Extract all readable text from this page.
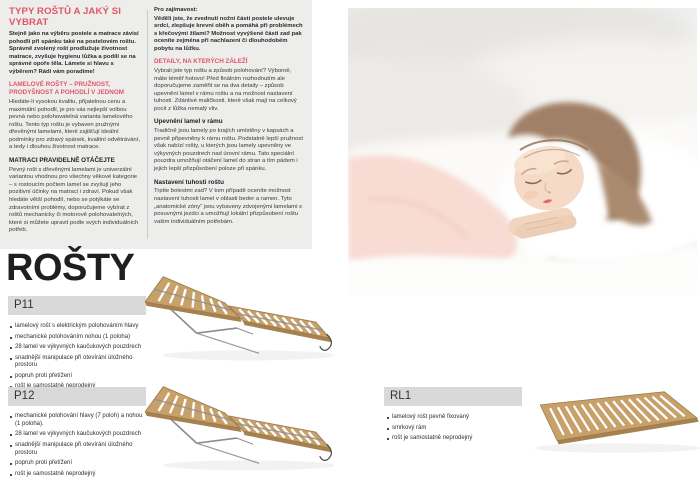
TYPY ROŠTŮ A JAKÝ SI VYBRAT

Stejně jako na výběru postele a matrace závisí pohodlí při spánku také na postelovém roštu. Správně zvolený rošt prodlužuje životnost matrace, zvyšuje hygienu lůžka a podílí se na správné opoře těla. Lámete si hlavu s výběrem? Rádi vám poradíme!

LAMELOVÉ ROŠTY – PRUŽNOST, PRODYŠNOST A POHODLÍ V JEDNOM

Hledáte-li vysokou kvalitu, přijatelnou cenu a maximální pohodlí, je pro vás nejlepší volbou pevná nebo polohovatelná varianta lamelového roštu. Tento typ roštu je vybaven pružnými dřevěnými lamelami, které zajišťují ideální podmínky pro zdravý spánek, kvalitní odvětrávání, a tedy i dlouhou životnost matrace.

MATRACI PRAVIDELNĚ OTÁČEJTE

Pevný rošt s dřevěnými lamelami je univerzální variantou vhodnou pro všechny věkové kategorie – s rostoucím počtem lamel se zvyšují jeho pozitivní účinky na matraci i zdraví. Pokud však hledáte větší pohodlí, nebo se potýkáte se zdravotními problémy, doporučujeme vybírat z roštů mechanicky či motorově polohovatelných, které si můžete upravit podle svých individuálních potřeb.

Pro zajímavost:

Věděli jste, že zvednutí nožní části postele ulevuje srdci, zlepšuje krevní oběh a pomáhá při problémech s křečovými žílami? Možnost vyvýšené části zad pak oceníte zejména při nachlazení či dlouhodobém pobytu na lůžku.

DETAILY, NA KTERÝCH ZÁLEŽÍ

Vybrali jste typ roštu a způsob polohování? Výborně, máte téměř hotovo! Před finálním rozhodnutím ale doporučujeme zaměřit se na dva detaily – způsob upevnění lamel v rámu roštu a na možnost nastavení tuhosti. Zdánlivé maličkosti, které však mají na celkový pocit z lůžka nemalý vliv.

Upevnění lamel v rámu

Tradičně jsou lamely po krajích umístěny v kapsách a pevně připevněny k rámu roštu. Podstatně lepší pružnost však nabízí rošty, u kterých jsou lamely upevněny ve výkyvných pouzdrech nad úrovní rámu. Tato speciální pouzdra umožňují otáčení lamel do stran a tím pádem i jejich lepší přizpůsobení poloze při spánku.

Nastavení tuhosti roštu

Trpíte bolestmi zad? V tom případě oceníte možnost nastavení tuhosti lamel v oblasti beder a ramen. Tyto „anatomické zóny“ jsou vybaveny zdvojenými lamelami s posuvnými jezdci a umožňují lokální přizpůsobení roštu vašim individuálním potřebám.

ROŠTY
P11
lamelový rošt s elektrickým polohováním hlavy
mechanické polohováním nohou (1 poloha)
28 lamel ve výkyvných kaučukových pouzdrech
snadnější manipulace při otevírání úložného prostoru
popruh proti přetížení
P12
mechanické polohování hlavy (7 poloh) a nohou (1 poloha).
28 lamel ve výkyvných kaučukových pouzdrech
snadnější manipulace při otevírání úložného prostoru
popruh proti přetížení
rošt je samostatně neprodejný
RL1
lamelový rošt pevně fixovaný
smrkový rám
rošt je samostatně neprodejný
